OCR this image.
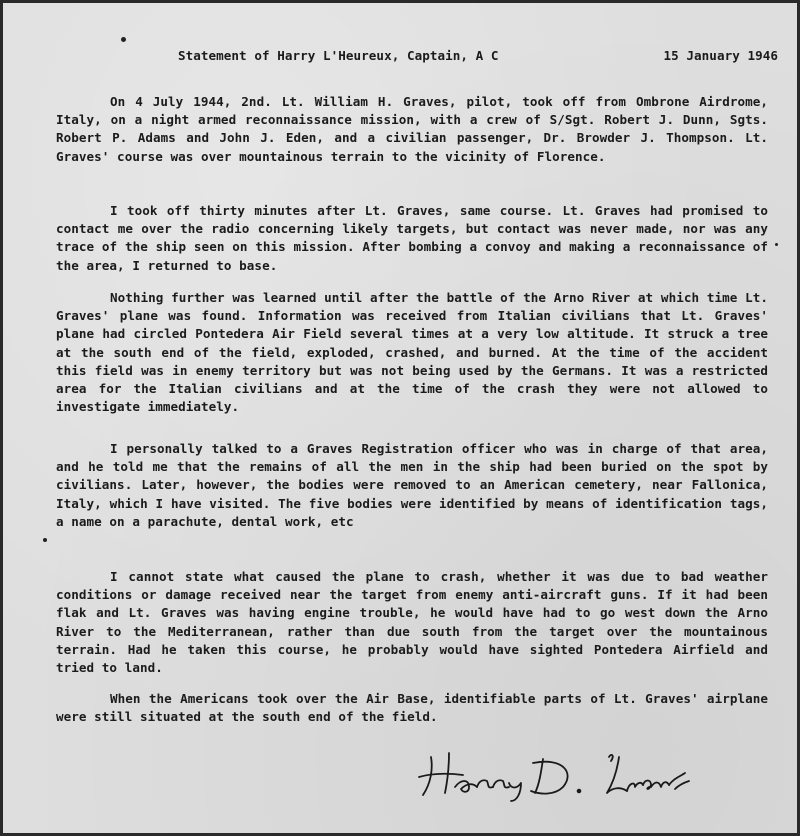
Statement of Harry L'Heureux, Captain, A C	15 January 1946

On 4 July 1944, 2nd. Lt. William H. Graves, pilot, took off from Ombrone Airdrome, Italy, on a night armed reconnaissance mission, with a crew of S/Sgt. Robert J. Dunn, Sgts. Robert P. Adams and John J. Eden, and a civilian passenger, Dr. Browder J. Thompson. Lt. Graves' course was over mountainous terrain to the vicinity of Florence.

I took off thirty minutes after Lt. Graves, same course. Lt. Graves had promised to contact me over the radio concerning likely targets, but contact was never made, nor was any trace of the ship seen on this mission. After bombing a convoy and making a reconnaissance of the area, I returned to base.

Nothing further was learned until after the battle of the Arno River at which time Lt. Graves' plane was found. Information was received from Italian civilians that Lt. Graves' plane had circled Pontedera Air Field several times at a very low altitude. It struck a tree at the south end of the field, exploded, crashed, and burned. At the time of the accident this field was in enemy territory but was not being used by the Germans. It was a restricted area for the Italian civilians and at the time of the crash they were not allowed to investigate immediately.

I personally talked to a Graves Registration officer who was in charge of that area, and he told me that the remains of all the men in the ship had been buried on the spot by civilians. Later, however, the bodies were removed to an American cemetery, near Fallonica, Italy, which I have visited. The five bodies were identified by means of identification tags, a name on a parachute, dental work, etc

I cannot state what caused the plane to crash, whether it was due to bad weather conditions or damage received near the target from enemy anti-aircraft guns. If it had been flak and Lt. Graves was having engine trouble, he would have had to go west down the Arno River to the Mediterranean, rather than due south from the target over the mountainous terrain. Had he taken this course, he probably would have sighted Pontedera Airfield and tried to land.

When the Americans took over the Air Base, identifiable parts of Lt. Graves' airplane were still situated at the south end of the field.
